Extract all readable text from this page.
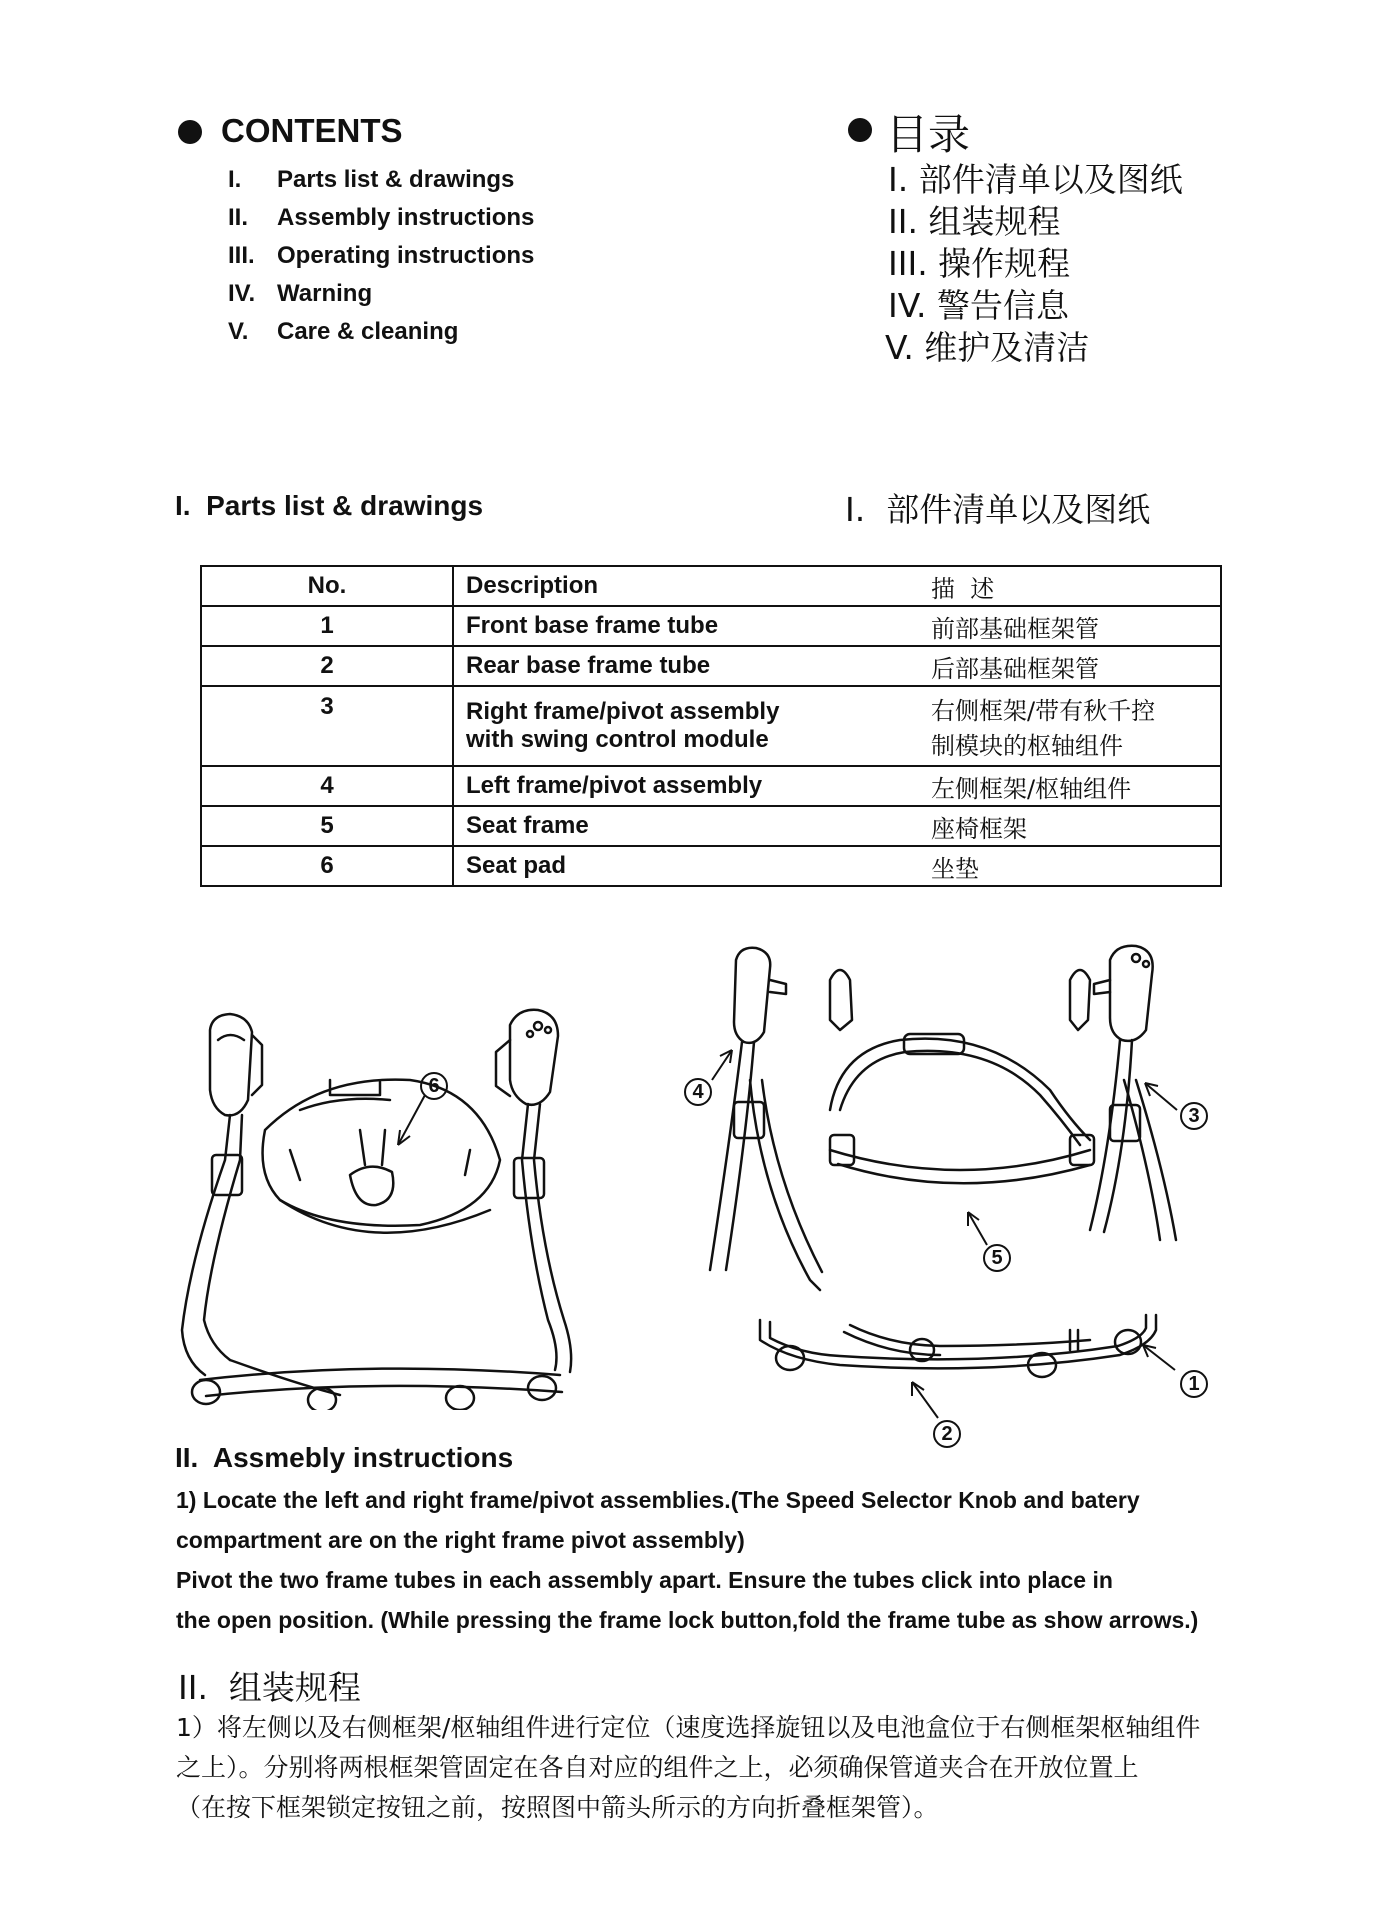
CONTENTS
I. Parts list & drawings
II. Assembly instructions
III. Operating instructions
IV. Warning
V. Care & cleaning
目录
I. 部件清单以及图纸
II. 组装规程
III. 操作规程
IV. 警告信息
V. 维护及清洁
I.  Parts list & drawings	I.  部件清单以及图纸
No.	Description 描  述
1	Front base frame tube 前部基础框架管
2	Rear base frame tube 后部基础框架管
3	Right frame/pivot assembly
with swing control module右侧框架/带有秋千控
制模块的枢轴组件
4	Left frame/pivot assembly 左侧框架/枢轴组件
5	Seat frame 座椅框架
6	Seat pad 坐垫
6	4
3
5
1
2
II.  Assmebly instructions
1) Locate the left and right frame/pivot assemblies.(The Speed Selector Knob and batery
compartment are on the right frame pivot assembly)
Pivot the two frame tubes in each assembly apart. Ensure the tubes click into place in
the open position. (While pressing the frame lock button,fold the frame tube as show arrows.)
II.  组装规程
1）将左侧以及右侧框架/枢轴组件进行定位（速度选择旋钮以及电池盒位于右侧框架枢轴组件
之上）。分别将两根框架管固定在各自对应的组件之上，必须确保管道夹合在开放位置上
（在按下框架锁定按钮之前，按照图中箭头所示的方向折叠框架管）。
